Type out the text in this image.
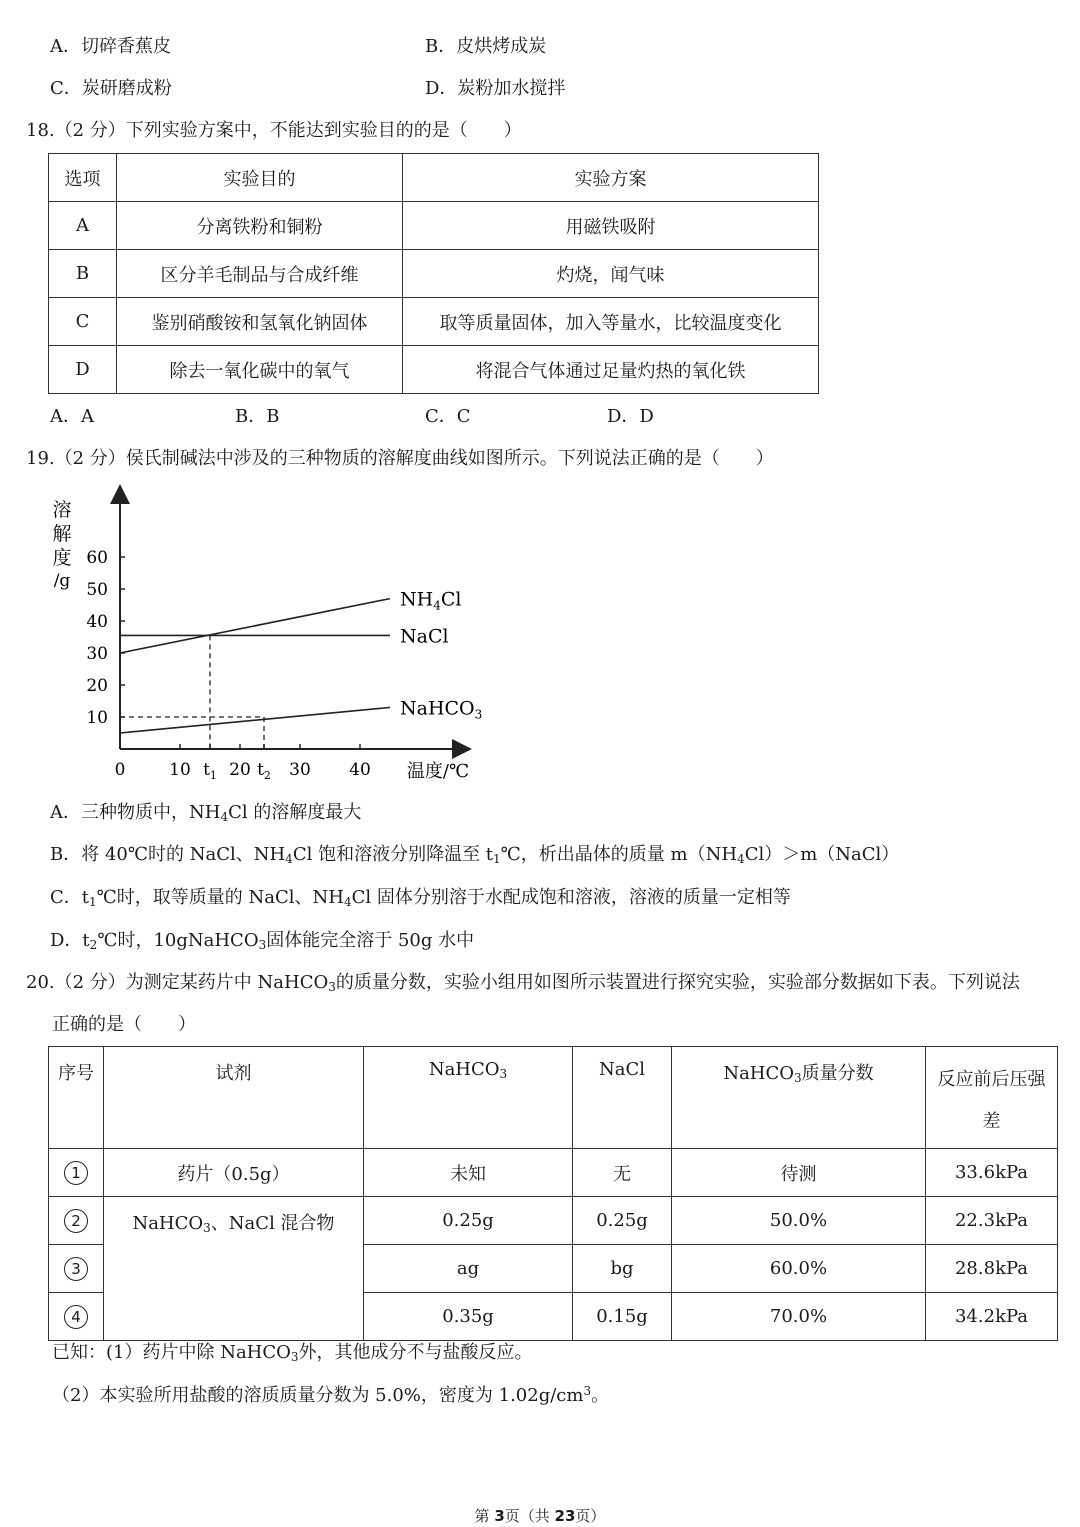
A．切碎香蕉皮	B．皮烘烤成炭
C．炭研磨成粉	D．炭粉加水搅拌
18.（2 分）下列实验方案中，不能达到实验目的的是（　　）
选项	实验目的	实验方案
A	分离铁粉和铜粉	用磁铁吸附
B	区分羊毛制品与合成纤维	灼烧，闻气味
C	鉴别硝酸铵和氢氧化钠固体	取等质量固体，加入等量水，比较温度变化
D	除去一氧化碳中的氧气	将混合气体通过足量灼热的氧化铁
A．A	B．B	C．C	D．D
19.（2 分）侯氏制碱法中涉及的三种物质的溶解度曲线如图所示。下列说法正确的是（　　）
溶
解
度
/g
温度/℃
10
20
30
40
50
60
0	10 $t_1$ 20 $t_2$ 30 40
$NH_4Cl$
NaCl
NaHCO$_3$
A．三种物质中，$NH_4Cl$ 的溶解度最大
B．将 40℃时的 NaCl、$NH_4Cl$ 饱和溶液分别降温至 $t_1℃$，析出晶体的质量 $m(NH_4Cl)>m(NaCl)$
C．$t_1℃$时，取等质量的 NaCl、$NH_4Cl$ 固体分别溶于水配成饱和溶液，溶液的质量一定相等
D．$t_2℃$时，10gNaHCO$_3$固体能完全溶于 50g 水中
20.（2 分）为测定某药片中 NaHCO$_3$的质量分数，实验小组用如图所示装置进行探究实验，实验部分数据如下表。下列说法
正确的是（　　）
序号	试剂	NaHCO$_3$	NaCl	NaHCO$_3$质量分数	反应前后压强
差
1	药片（0.5g）	未知	无	待测	33.6kPa
2	NaHCO$_3$、NaCl 混合物	0.25g	0.25g	50.0%	22.3kPa
3		ag	bg	60.0%	28.8kPa
4		0.35g	0.15g	70.0%	34.2kPa
已知：(1）药片中除 NaHCO$_3$外，其他成分不与盐酸反应。
（2）本实验所用盐酸的溶质质量分数为 5.0%，密度为 $1.02g/cm^3$。
第 3页（共 23页）
